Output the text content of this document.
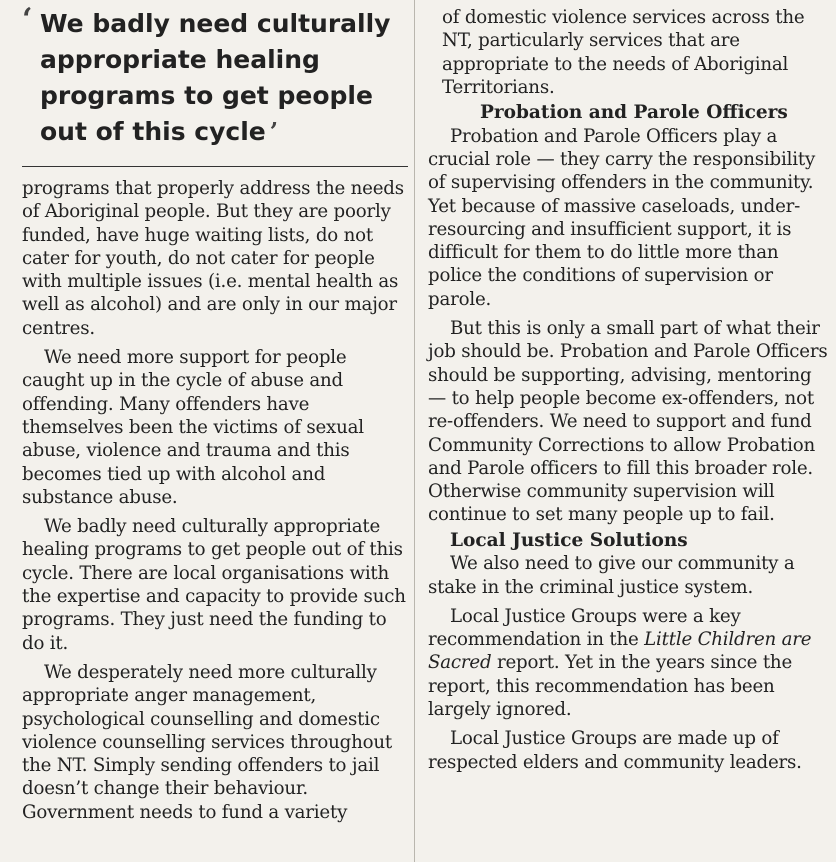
‘ We badly need culturally appropriate healing programs to get people out of this cycle ’

programs that properly address the needs of Aboriginal people. But they are poorly funded, have huge waiting lists, do not cater for youth, do not cater for people with multiple issues (i.e. mental health as well as alcohol) and are only in our major centres.

We need more support for people caught up in the cycle of abuse and offending. Many offenders have themselves been the victims of sexual abuse, violence and trauma and this becomes tied up with alcohol and substance abuse.

We badly need culturally appropriate healing programs to get people out of this cycle. There are local organisations with the expertise and capacity to provide such programs. They just need the funding to do it.

We desperately need more culturally appropriate anger management, psychological counselling and domestic violence counselling services throughout the NT. Simply sending offenders to jail doesn’t change their behaviour. Government needs to fund a variety

of domestic violence services across the NT, particularly services that are appropriate to the needs of Aboriginal Territorians.

Probation and Parole Officers

Probation and Parole Officers play a crucial role — they carry the responsibility of supervising offenders in the community. Yet because of massive caseloads, under-resourcing and insufficient support, it is difficult for them to do little more than police the conditions of supervision or parole.

But this is only a small part of what their job should be. Probation and Parole Officers should be supporting, advising, mentoring — to help people become ex-offenders, not re-offenders. We need to support and fund Community Corrections to allow Probation and Parole officers to fill this broader role. Otherwise community supervision will continue to set many people up to fail.

Local Justice Solutions

We also need to give our community a stake in the criminal justice system.

Local Justice Groups were a key recommendation in the Little Children are Sacred report. Yet in the years since the report, this recommendation has been largely ignored.

Local Justice Groups are made up of respected elders and community leaders.
